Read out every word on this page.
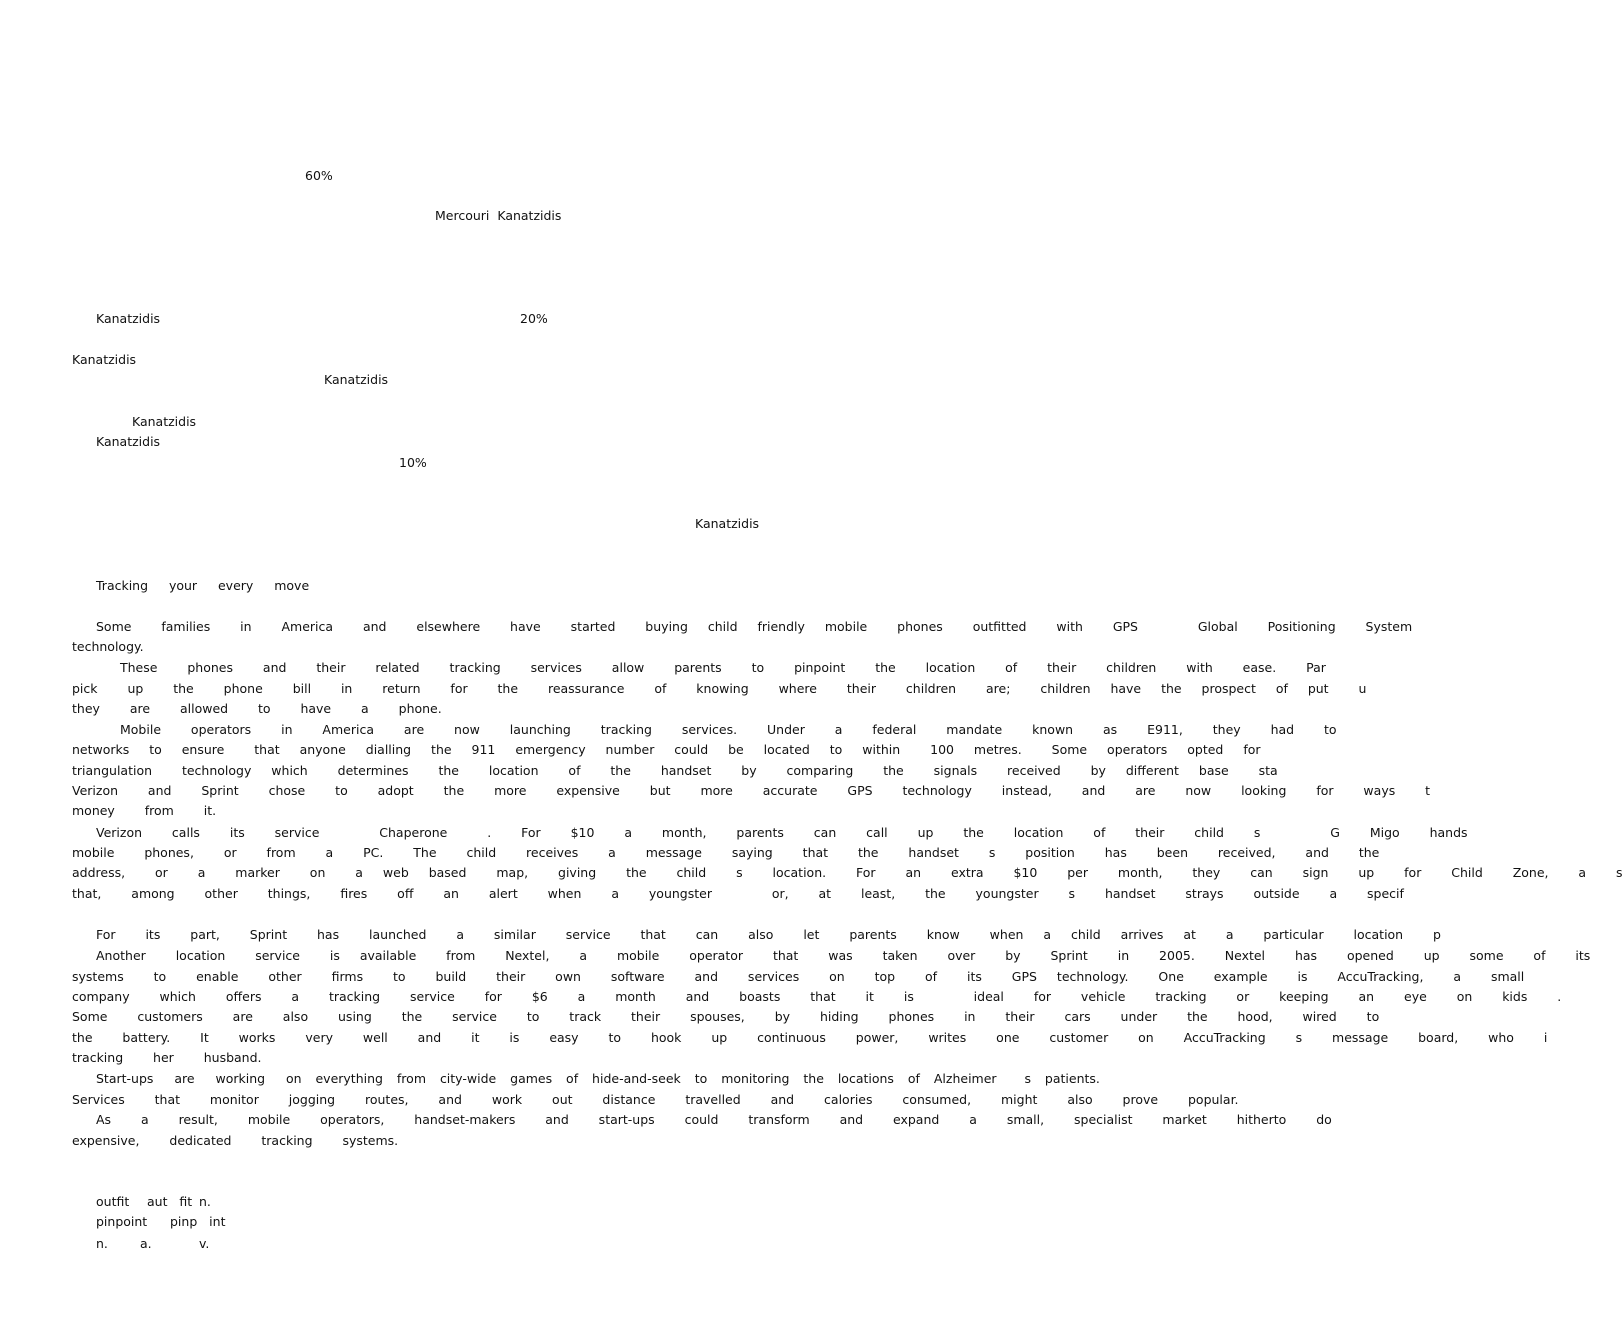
60%
Mercouri  Kanatzidis
Kanatzidis	20%
Kanatzidis
Kanatzidis
Kanatzidis
Kanatzidis
10%
Kanatzidis
Tracking   your   every   move
Some   families   in   America   and   elsewhere   have   started   buying  child  friendly  mobile   phones   outfitted   with   GPS      Global   Positioning   System
technology.
These   phones   and   their   related   tracking   services   allow   parents   to   pinpoint   the   location   of   their   children   with   ease.   Par
pick   up   the   phone   bill   in   return   for   the   reassurance   of   knowing   where   their   children   are;   children  have  the  prospect  of  put   u
they   are   allowed   to   have   a   phone.
Mobile   operators   in   America   are   now   launching   tracking   services.   Under   a   federal   mandate   known   as   E911,   they   had   to
networks  to  ensure   that  anyone  dialling  the  911  emergency  number  could  be  located  to  within   100  metres.   Some  operators  opted  for
triangulation   technology  which   determines   the   location   of   the   handset   by   comparing   the   signals   received   by  different  base   sta
Verizon   and   Sprint   chose   to   adopt   the   more   expensive   but   more   accurate   GPS   technology   instead,   and   are   now   looking   for   ways   t
money   from   it.
Verizon   calls   its   service      Chaperone    .   For   $10   a   month,   parents   can   call   up   the   location   of   their   child   s       G   Migo   hands
mobile   phones,   or   from   a   PC.   The   child   receives   a   message   saying   that   the   handset   s   position   has   been   received,   and   the
address,   or   a   marker   on   a  web  based   map,   giving   the   child   s   location.   For   an   extra   $10   per   month,   they   can   sign   up   for   Child   Zone,   a   s
that,   among   other   things,   fires   off   an   alert   when   a   youngster      or,   at   least,   the   youngster   s   handset   strays   outside   a   specif
For   its   part,   Sprint   has   launched   a   similar   service   that   can   also   let   parents   know   when  a  child  arrives  at   a   particular   location   p
Another   location   service   is  available   from   Nextel,   a   mobile   operator   that   was   taken   over   by   Sprint   in   2005.   Nextel   has   opened   up   some   of   its
systems   to   enable   other   firms   to   build   their   own   software   and   services   on   top   of   its   GPS  technology.   One   example   is   AccuTracking,   a   small
company   which   offers   a   tracking   service   for   $6   a   month   and   boasts   that   it   is      ideal   for   vehicle   tracking   or   keeping   an   eye   on   kids   .
Some   customers   are   also   using   the   service   to   track   their   spouses,   by   hiding   phones   in   their   cars   under   the   hood,   wired   to
the   battery.   It   works   very   well   and   it   is   easy   to   hook   up   continuous   power,   writes   one   customer   on   AccuTracking   s   message   board,   who   i
tracking   her   husband.
Start-ups   are   working   on  everything  from  city-wide  games  of  hide-and-seek  to  monitoring  the  locations  of  Alzheimer    s  patients.
Services   that   monitor   jogging   routes,   and   work   out   distance   travelled   and   calories   consumed,   might   also   prove   popular.
As   a   result,   mobile   operators,   handset-makers   and   start-ups   could   transform   and   expand   a   small,   specialist   market   hitherto   do
expensive,   dedicated   tracking   systems.
outfit aut   fit n.
pinpoint pinp   int
n.	a.	v.
